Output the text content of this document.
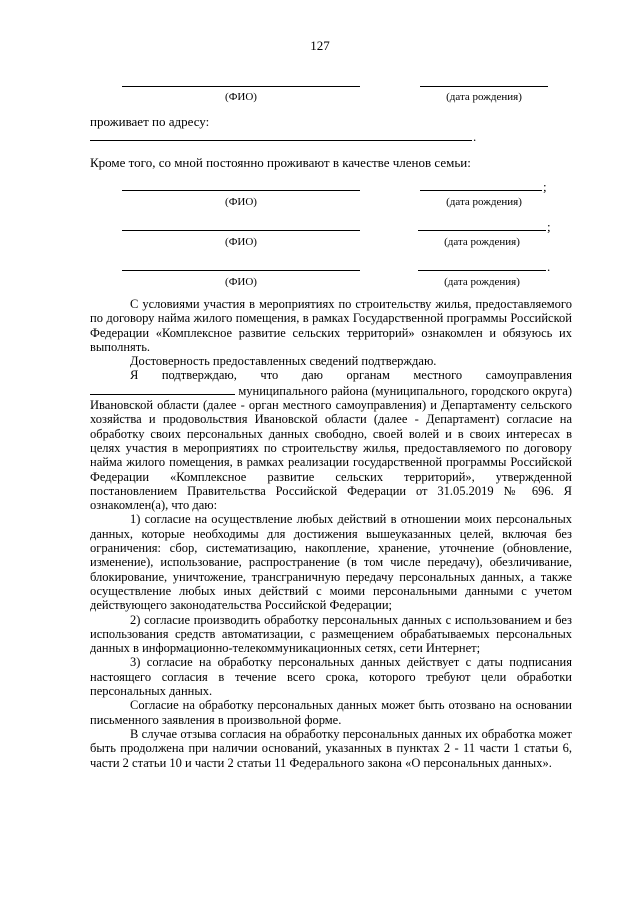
127
(ФИО)	(дата рождения)
проживает по адресу:
.
Кроме того, со мной постоянно проживают в качестве членов семьи:
(ФИО)
;
(дата рождения)
(ФИО)
;
(дата рождения)
(ФИО)
.
(дата рождения)

С условиями участия в мероприятиях по строительству жилья, предоставляемого по договору найма жилого помещения, в рамках Государственной программы Российской Федерации «Комплексное развитие сельских территорий» ознакомлен и обязуюсь их выполнять.

Достоверность предоставленных сведений подтверждаю.

Я подтверждаю, что даю органам местного самоуправления  муниципального района (муниципального, городского округа) Ивановской области (далее - орган местного самоуправления) и Департаменту сельского хозяйства и продовольствия Ивановской области (далее - Департамент) согласие на обработку своих персональных данных свободно, своей волей и в своих интересах в целях участия в мероприятиях по строительству жилья, предоставляемого по договору найма жилого помещения, в рамках реализации государственной программы Российской Федерации «Комплексное развитие сельских территорий», утвержденной постановлением Правительства Российской Федерации от 31.05.2019 № 696. Я ознакомлен(а), что даю:

1) согласие на осуществление любых действий в отношении моих персональных данных, которые необходимы для достижения вышеуказанных целей, включая без ограничения: сбор, систематизацию, накопление, хранение, уточнение (обновление, изменение), использование, распространение (в том числе передачу), обезличивание, блокирование, уничтожение, трансграничную передачу персональных данных, а также осуществление любых иных действий с моими персональными данными с учетом действующего законодательства Российской Федерации;

2) согласие производить обработку персональных данных с использованием и без использования средств автоматизации, с размещением обрабатываемых персональных данных в информационно-телекоммуникационных сетях, сети Интернет;

3) согласие на обработку персональных данных действует с даты подписания настоящего согласия в течение всего срока, которого требуют цели обработки персональных данных.

Согласие на обработку персональных данных может быть отозвано на основании письменного заявления в произвольной форме.

В случае отзыва согласия на обработку персональных данных их обработка может быть продолжена при наличии оснований, указанных в пунктах 2 - 11 части 1 статьи 6, части 2 статьи 10 и части 2 статьи 11 Федерального закона «О персональных данных».
